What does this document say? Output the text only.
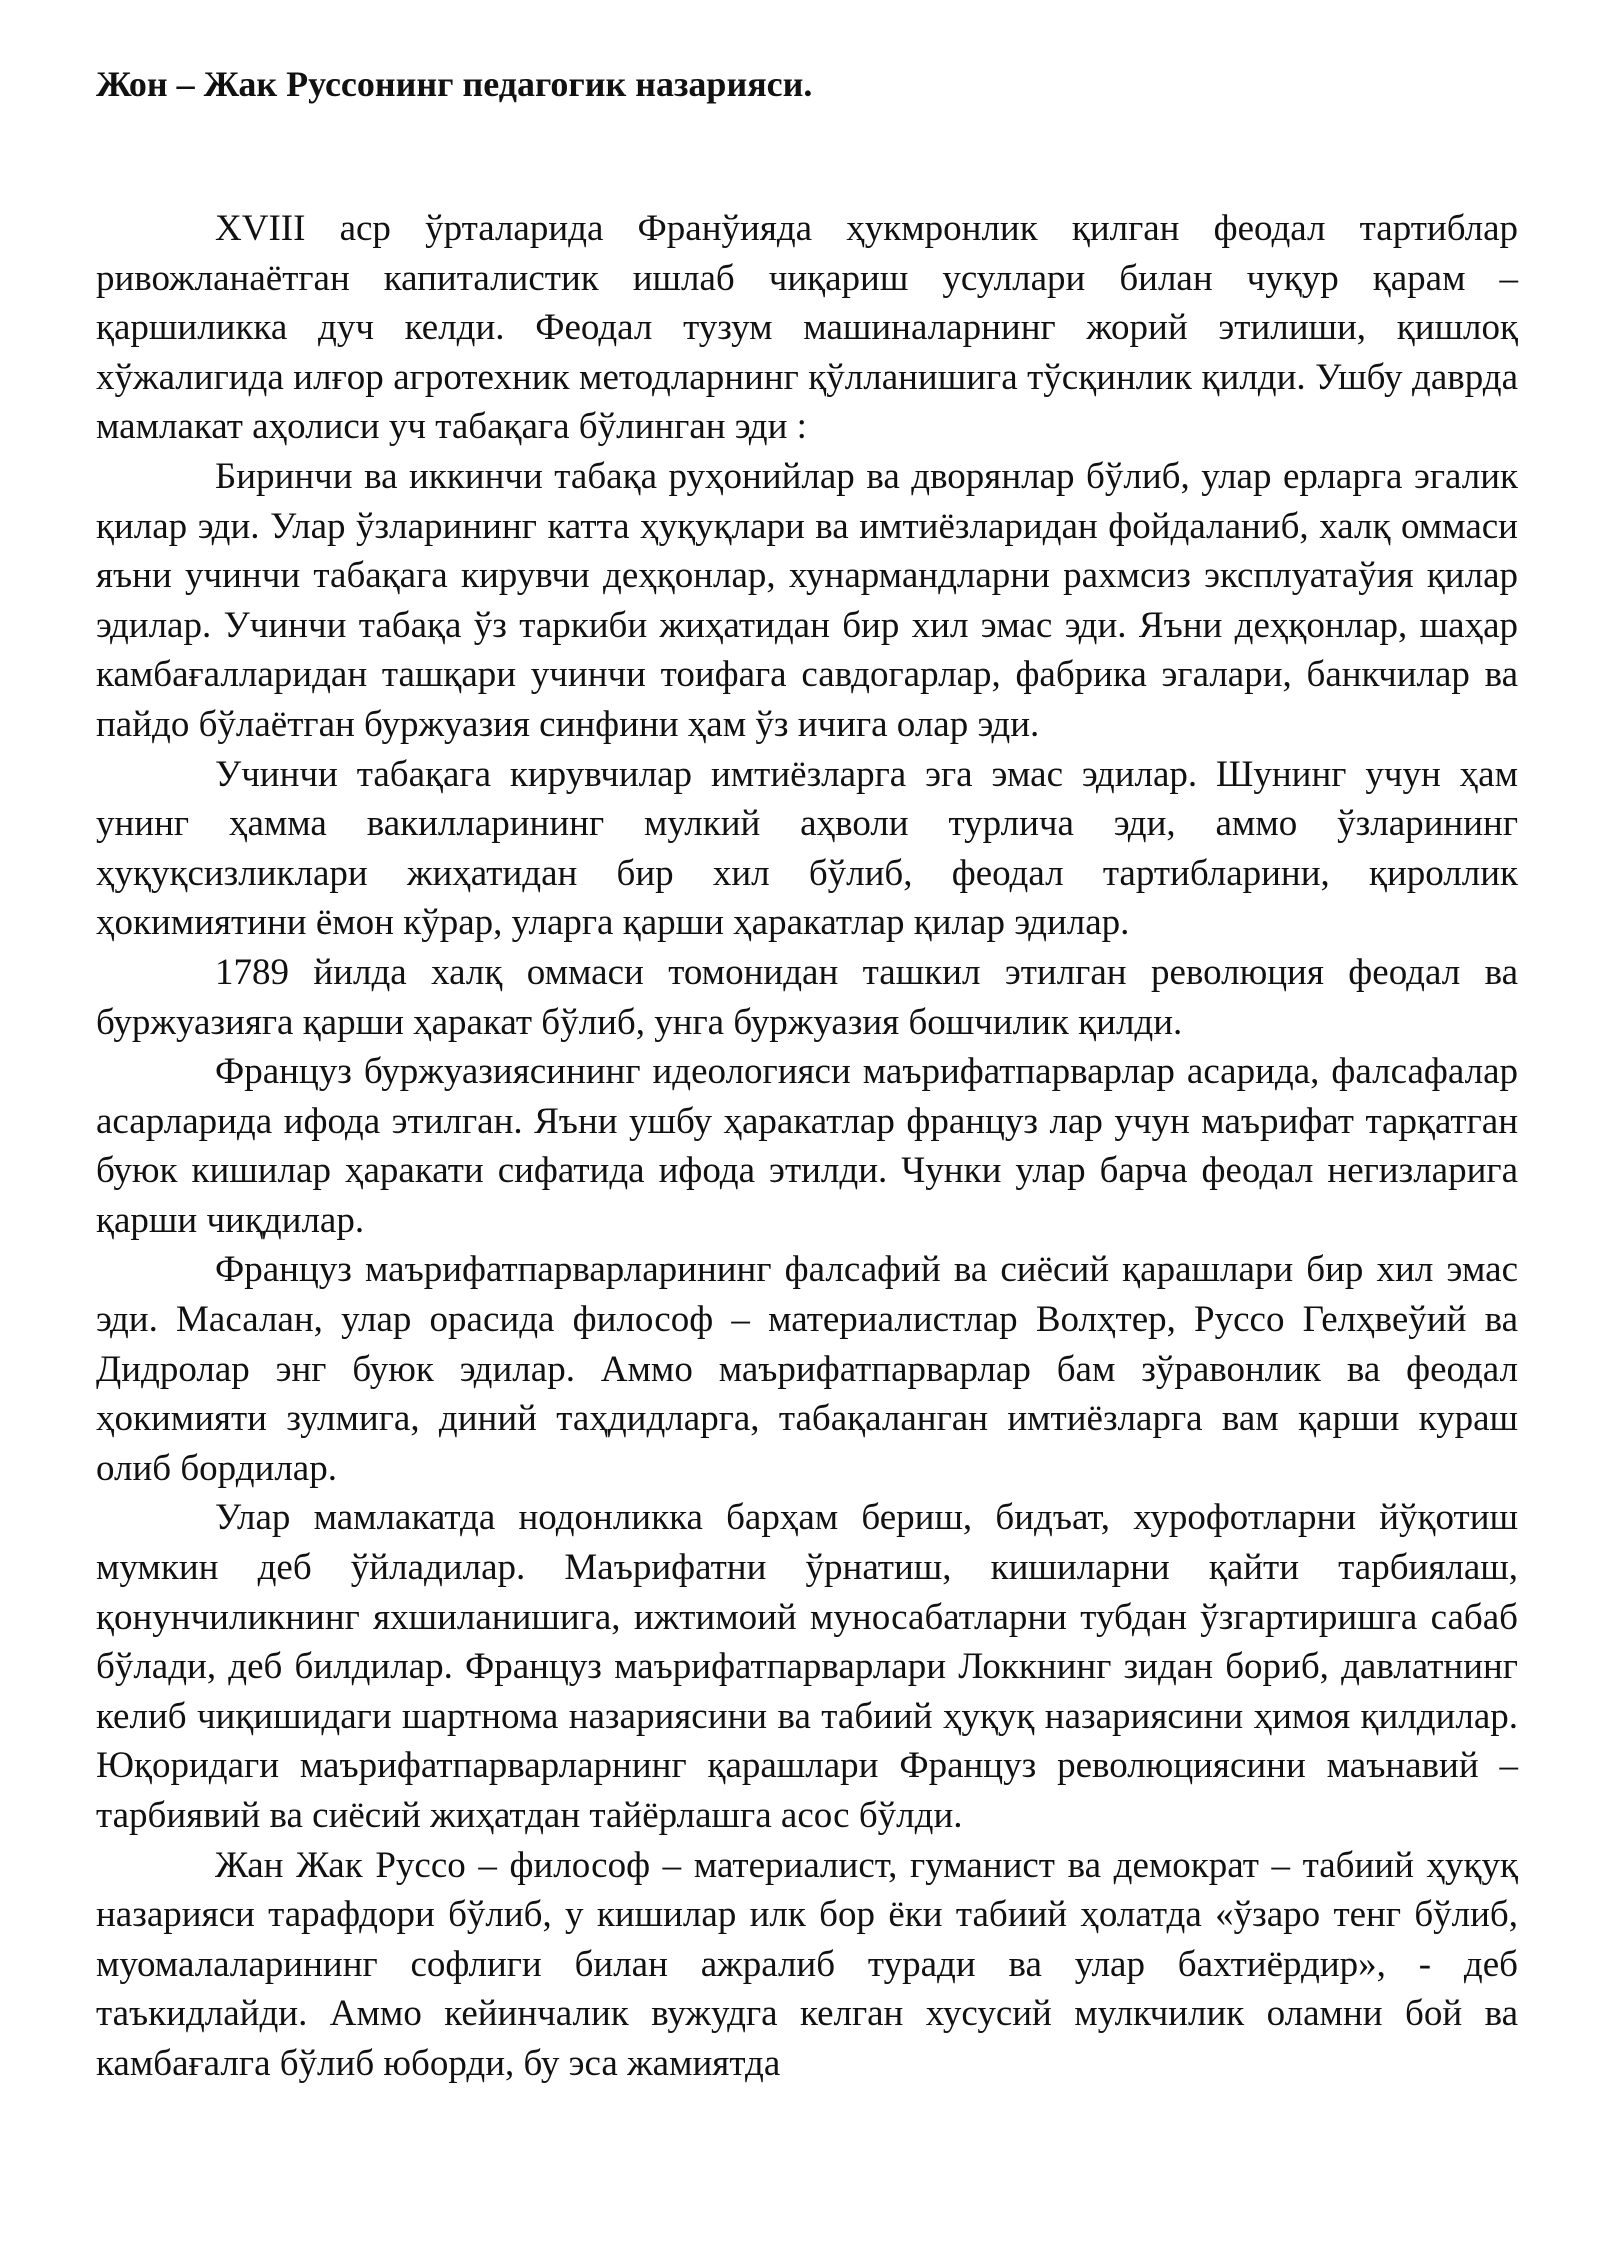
Жон – Жак Руссонинг педагогик назарияси.

XVIII аср ўрталарида Франўияда ҳукмронлик қилган феодал тартиблар ривожланаётган капиталистик ишлаб чиқариш усуллари билан чуқур қарам – қаршиликка дуч келди. Феодал тузум машиналарнинг жорий этилиши, қишлоқ хўжалигида илғор агротехник методларнинг қўлланишига тўсқинлик қилди. Ушбу даврда мамлакат аҳолиси уч табақага бўлинган эди :

Биринчи ва иккинчи табақа руҳонийлар ва дворянлар бўлиб, улар ерларга эгалик қилар эди. Улар ўзларининг катта ҳуқуқлари ва имтиёзларидан фойдаланиб, халқ оммаси яъни учинчи табақага кирувчи деҳқонлар, хунармандларни рахмсиз эксплуатаўия қилар эдилар. Учинчи табақа ўз таркиби жиҳатидан бир хил эмас эди. Яъни деҳқонлар, шаҳар камбағалларидан ташқари учинчи тоифага савдогарлар, фабрика эгалари, банкчилар ва пайдо бўлаётган буржуазия синфини ҳам ўз ичига олар эди.

Учинчи табақага кирувчилар имтиёзларга эга эмас эдилар. Шунинг учун ҳам унинг ҳамма вакилларининг мулкий аҳволи турлича эди, аммо ўзларининг ҳуқуқсизликлари жиҳатидан бир хил бўлиб, феодал тартибларини, қироллик ҳокимиятини ёмон кўрар, уларга қарши ҳаракатлар қилар эдилар.

1789 йилда халқ оммаси томонидан ташкил этилган революция феодал ва буржуазияга қарши ҳаракат бўлиб, унга буржуазия бошчилик қилди.

Француз буржуазиясининг идеологияси маърифатпарварлар асарида, фалсафалар асарларида ифода этилган. Яъни ушбу ҳаракатлар француз лар учун маърифат тарқатган буюк кишилар ҳаракати сифатида ифода этилди. Чунки улар барча феодал негизларига қарши чиқдилар.

Француз маърифатпарварларининг фалсафий ва сиёсий қарашлари бир хил эмас эди. Масалан, улар орасида философ – материалистлар Волҳтер, Руссо Гелҳвеўий ва Дидролар энг буюк эдилар. Аммо маърифатпарварлар бам зўравонлик ва феодал ҳокимияти зулмига, диний таҳдидларга, табақаланган имтиёзларга вам қарши кураш олиб бордилар.

Улар мамлакатда нодонликка барҳам бериш, бидъат, хурофотларни йўқотиш мумкин деб ўйладилар. Маърифатни ўрнатиш, кишиларни қайти тарбиялаш, қонунчиликнинг яхшиланишига, ижтимоий муносабатларни тубдан ўзгартиришга сабаб бўлади, деб билдилар. Француз маърифатпарварлари Локкнинг зидан бориб, давлатнинг келиб чиқишидаги шартнома назариясини ва табиий ҳуқуқ назариясини ҳимоя қилдилар. Юқоридаги маърифатпарварларнинг қарашлари Француз революциясини маънавий – тарбиявий ва сиёсий жиҳатдан тайёрлашга асос бўлди.

Жан Жак Руссо – философ – материалист, гуманист ва демократ – табиий ҳуқуқ назарияси тарафдори бўлиб, у кишилар илк бор ёки табиий ҳолатда «ўзаро тенг бўлиб, муомалаларининг софлиги билан ажралиб туради ва улар бахтиёрдир», - деб таъкидлайди. Аммо кейинчалик вужудга келган хусусий мулкчилик оламни бой ва камбағалга бўлиб юборди, бу эса жамиятда
